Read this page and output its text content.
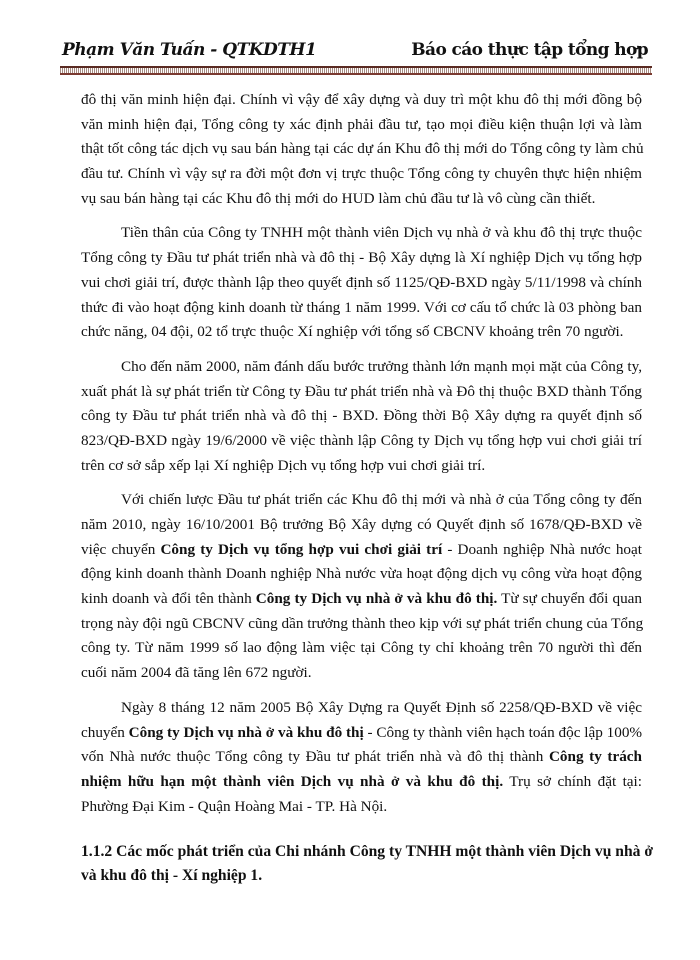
Phạm Văn Tuấn - QTKDTH1	Báo cáo thực tập tổng hợp
đô thị văn minh hiện đại. Chính vì vậy để xây dựng và duy trì một khu đô thị mới đồng bộ
văn minh hiện đại, Tổng công ty xác định phải đầu tư, tạo mọi điều kiện thuận lợi và làm
thật tốt công tác dịch vụ sau bán hàng tại các dự án Khu đô thị mới do Tổng công ty làm chủ
đầu tư. Chính vì vậy sự ra đời một đơn vị trực thuộc Tổng công ty chuyên thực hiện nhiệm
vụ sau bán hàng tại các Khu đô thị mới do HUD làm chủ đầu tư là vô cùng cần thiết.
Tiền thân của Công ty TNHH một thành viên Dịch vụ nhà ở và khu đô thị trực thuộc
Tổng công ty Đầu tư phát triển nhà và đô thị - Bộ Xây dựng là Xí nghiệp Dịch vụ tổng hợp
vui chơi giải trí, được thành lập theo quyết định số 1125/QĐ-BXD ngày 5/11/1998 và chính
thức đi vào hoạt động kinh doanh từ tháng 1 năm 1999. Với cơ cấu tổ chức là 03 phòng ban
chức năng, 04 đội, 02 tổ trực thuộc Xí nghiệp với tổng số CBCNV khoảng trên 70 người.
Cho đến năm 2000, năm đánh dấu bước trưởng thành lớn mạnh mọi mặt của Công ty,
xuất phát là sự phát triển từ Công ty Đầu tư phát triển nhà và Đô thị thuộc BXD thành Tổng
công ty Đầu tư phát triển nhà và đô thị - BXD. Đồng thời Bộ Xây dựng ra quyết định số
823/QĐ-BXD ngày 19/6/2000 về việc thành lập Công ty Dịch vụ tổng hợp vui chơi giải trí
trên cơ sở sắp xếp lại Xí nghiệp Dịch vụ tổng hợp vui chơi giải trí.
Với chiến lược Đầu tư phát triển các Khu đô thị mới và nhà ở của Tổng công ty đến
năm 2010, ngày 16/10/2001 Bộ trưởng Bộ Xây dựng có Quyết định số 1678/QĐ-BXD về
việc chuyển Công ty Dịch vụ tổng hợp vui chơi giải trí - Doanh nghiệp Nhà nước hoạt
động kinh doanh thành Doanh nghiệp Nhà nước vừa hoạt động dịch vụ công vừa hoạt động
kinh doanh và đổi tên thành Công ty Dịch vụ nhà ở và khu đô thị. Từ sự chuyển đổi quan
trọng này đội ngũ CBCNV cũng dần trưởng thành theo kịp với sự phát triển chung của Tổng
công ty. Từ năm 1999 số lao động làm việc tại Công ty chỉ khoảng trên 70 người thì đến
cuối năm 2004 đã tăng lên 672 người.
Ngày 8 tháng 12 năm 2005 Bộ Xây Dựng ra Quyết Định số 2258/QĐ-BXD về việc
chuyển Công ty Dịch vụ nhà ở và khu đô thị - Công ty thành viên hạch toán độc lập 100%
vốn Nhà nước thuộc Tổng công ty Đầu tư phát triển nhà và đô thị thành Công ty trách
nhiệm hữu hạn một thành viên Dịch vụ nhà ở và khu đô thị. Trụ sở chính đặt tại:
Phường Đại Kim - Quận Hoàng Mai - TP. Hà Nội.
1.1.2 Các mốc phát triển của Chi nhánh Công ty TNHH một thành viên Dịch vụ nhà ở
và khu đô thị - Xí nghiệp 1.
